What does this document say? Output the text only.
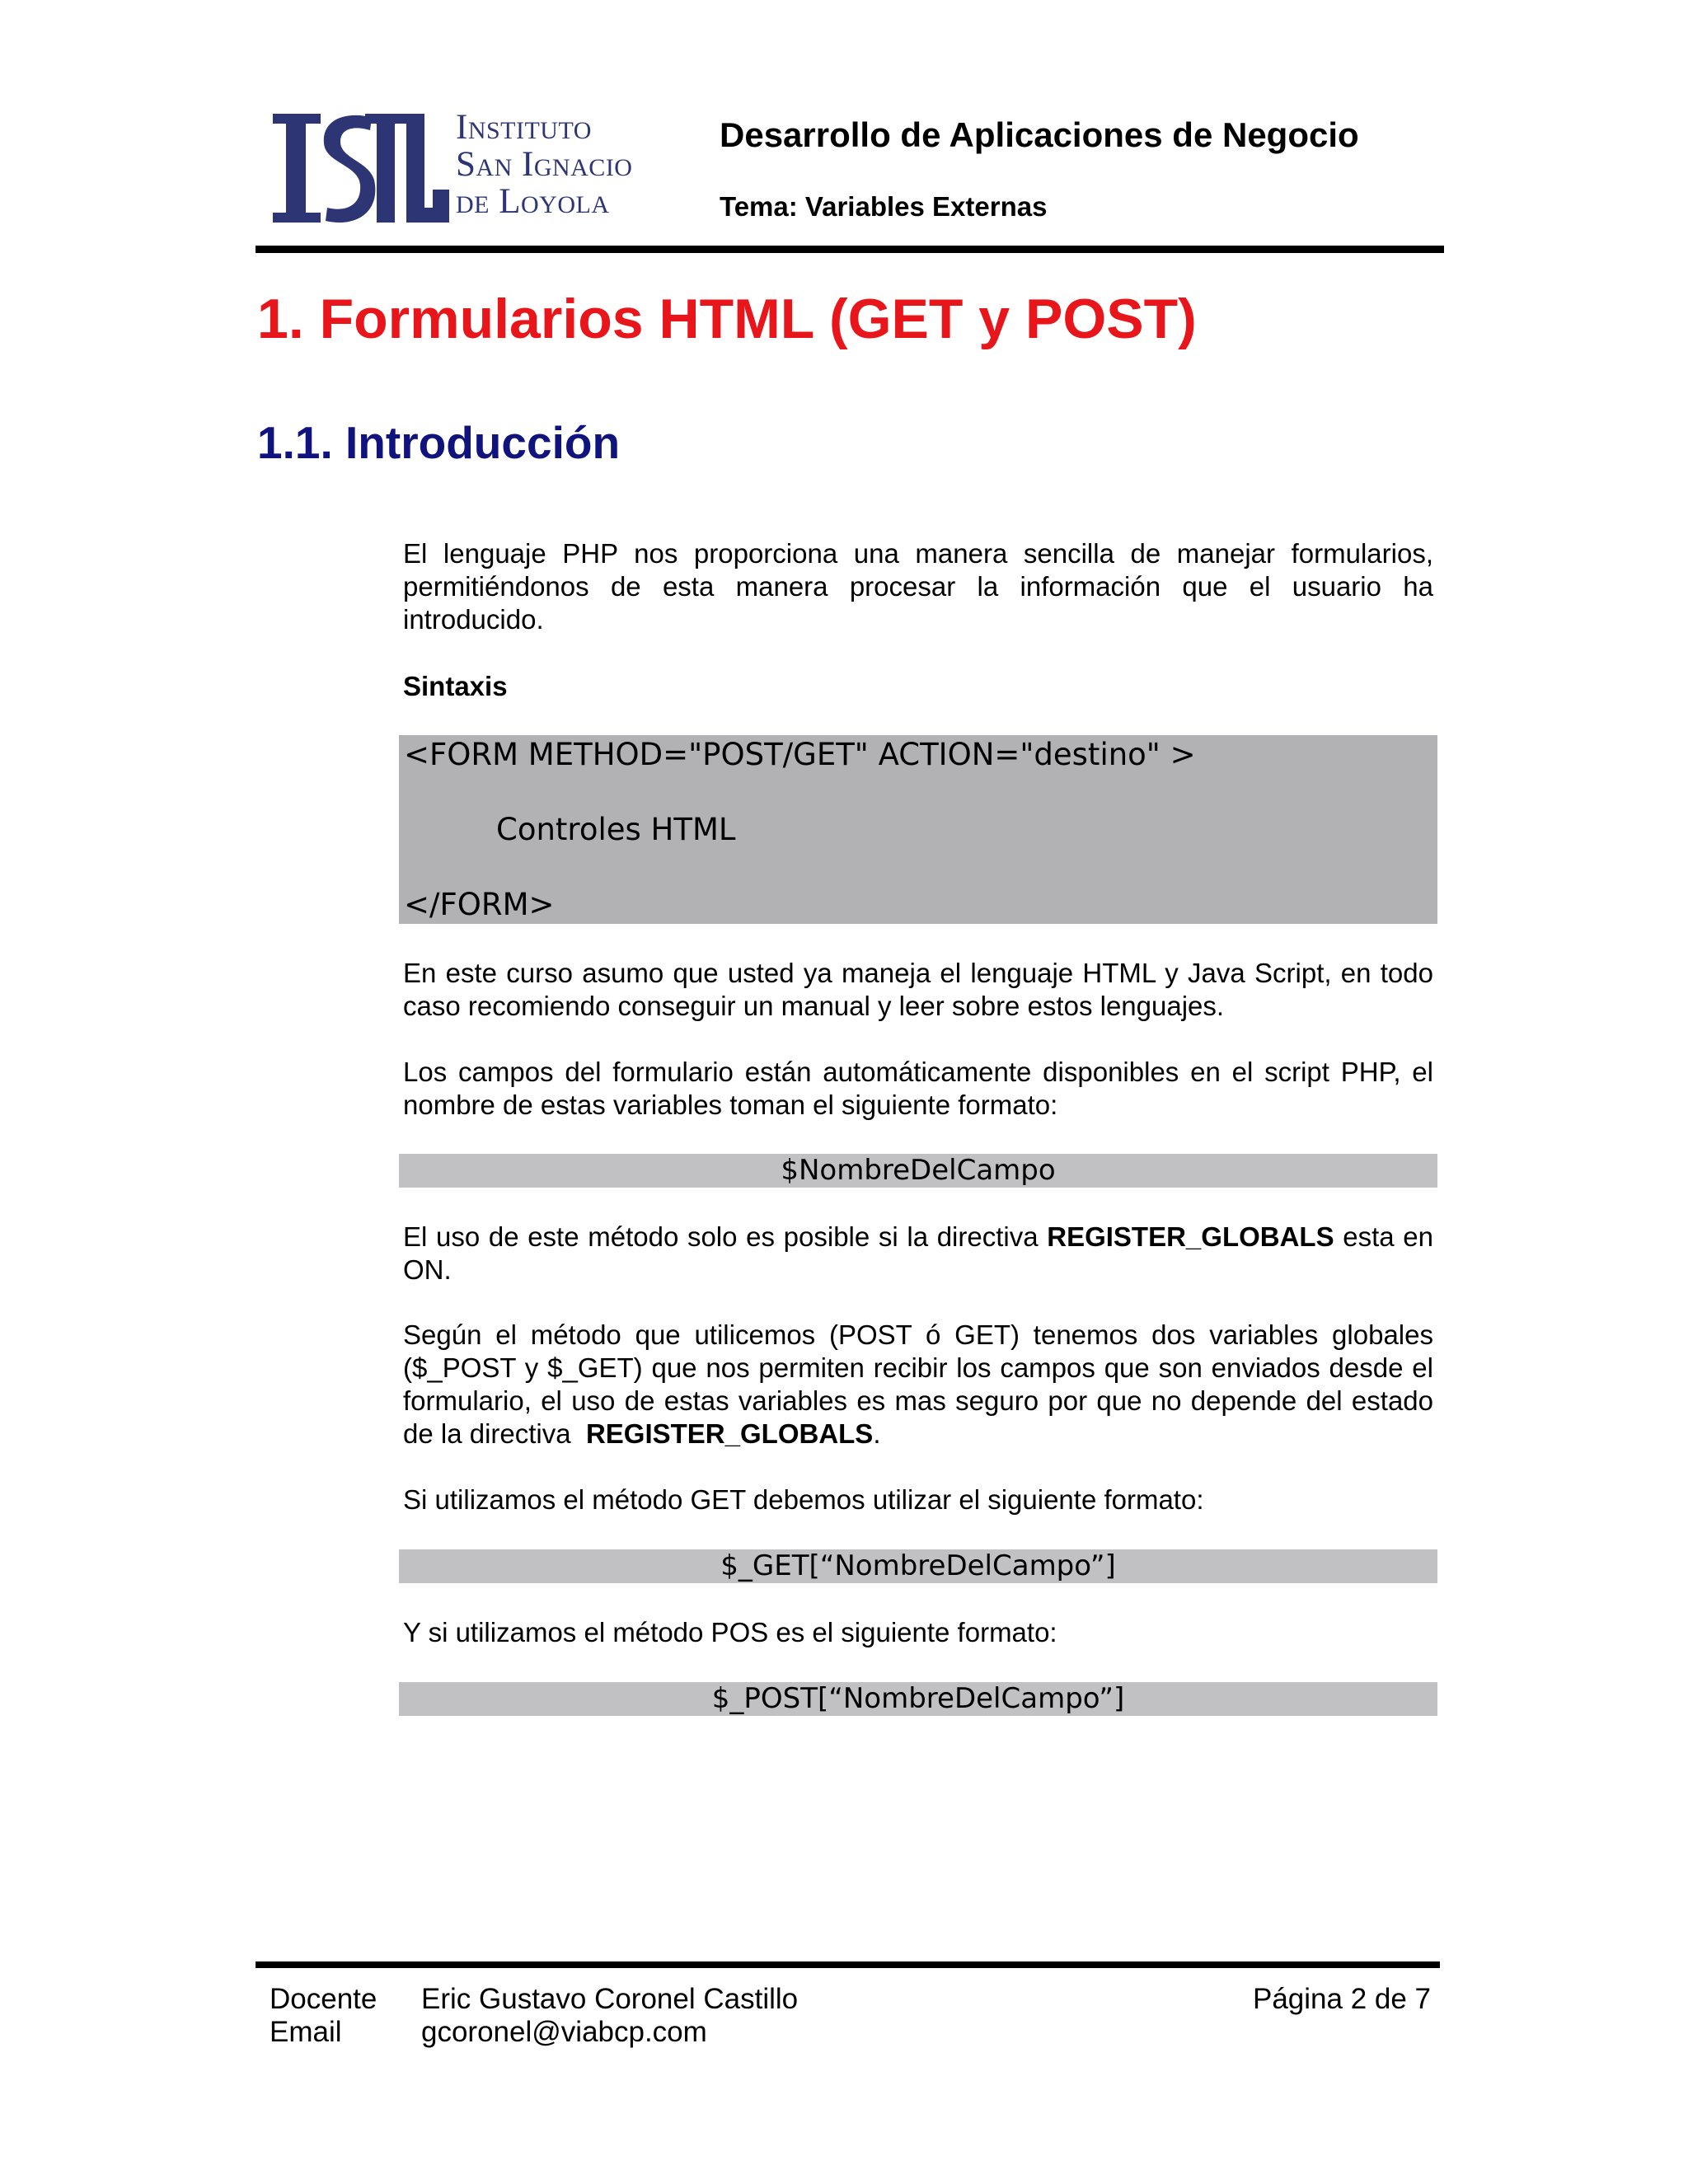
Instituto
San Ignacio
de Loyola
Desarrollo de Aplicaciones de Negocio
Tema: Variables Externas
1. Formularios HTML (GET y POST)
1.1. Introducción
El lenguaje PHP nos proporciona una manera sencilla de manejar formularios, permitiéndonos de esta manera procesar la información que el usuario ha introducido.
Sintaxis
<FORM METHOD="POST/GET" ACTION="destino" >
Controles HTML
</FORM>
En este curso asumo que usted ya maneja el lenguaje HTML y Java Script, en todo caso recomiendo conseguir un manual y leer sobre estos lenguajes.
Los campos del formulario están automáticamente disponibles en el script PHP, el nombre de estas variables toman el siguiente formato:
$NombreDelCampo
El uso de este método solo es posible si la directiva REGISTER_GLOBALS esta en ON.
Según el método que utilicemos (POST ó GET) tenemos dos variables globales ($_POST y $_GET) que nos permiten recibir los campos que son enviados desde el formulario, el uso de estas variables es mas seguro por que no depende del estado de la directiva  REGISTER_GLOBALS.
Si utilizamos el método GET debemos utilizar el siguiente formato:
$_GET[“NombreDelCampo”]
Y si utilizamos el método POS es el siguiente formato:
$_POST[“NombreDelCampo”]
Docente Eric Gustavo Coronel Castillo
Email	gcoronel@viabcp.com
Página 2 de 7
